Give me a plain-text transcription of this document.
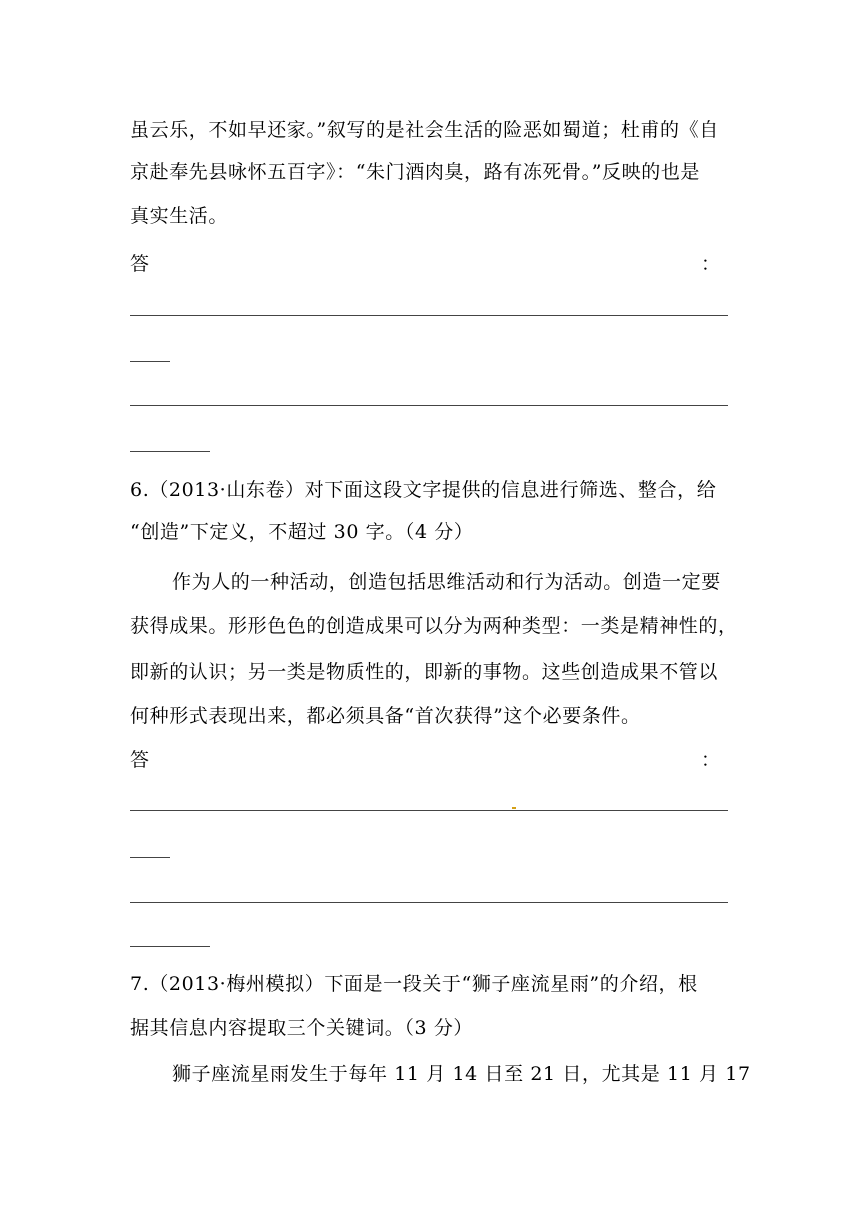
虽云乐，不如早还家。”叙写的是社会生活的险恶如蜀道；杜甫的《自
京赴奉先县咏怀五百字》：“朱门酒肉臭，路有冻死骨。”反映的也是
真实生活。
答	：
6.（2013·山东卷）对下面这段文字提供的信息进行筛选、整合，给
“创造”下定义，不超过 30 字。（4 分）
作为人的一种活动，创造包括思维活动和行为活动。创造一定要
获得成果。形形色色的创造成果可以分为两种类型：一类是精神性的，
即新的认识；另一类是物质性的，即新的事物。这些创造成果不管以
何种形式表现出来，都必须具备“首次获得”这个必要条件。
答	：
7.（2013·梅州模拟）下面是一段关于“狮子座流星雨”的介绍，根
据其信息内容提取三个关键词。（3 分）
狮子座流星雨发生于每年 11 月 14 日至 21 日，尤其是 11 月 17
